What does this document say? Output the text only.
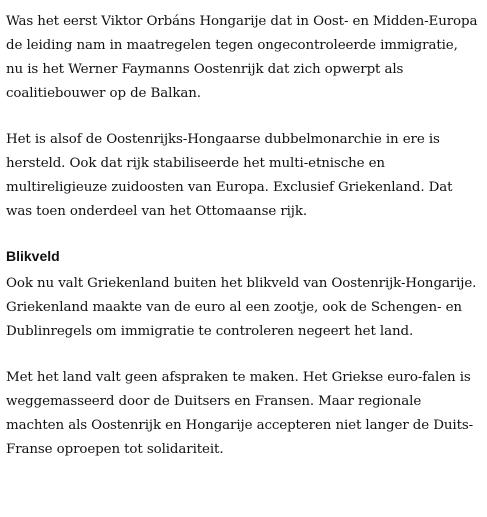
Was het eerst Viktor Orbáns Hongarije dat in Oost- en Midden-Europa de leiding nam in maatregelen tegen ongecontroleerde immigratie, nu is het Werner Faymanns Oostenrijk dat zich opwerpt als coalitiebouwer op de Balkan.

Het is alsof de Oostenrijks-Hongaarse dubbelmonarchie in ere is hersteld. Ook dat rijk stabiliseerde het multi-etnische en multireligieuze zuidoosten van Europa. Exclusief Griekenland. Dat was toen onderdeel van het Ottomaanse rijk.

Blikveld

Ook nu valt Griekenland buiten het blikveld van Oostenrijk-Hongarije. Griekenland maakte van de euro al een zootje, ook de Schengen- en Dublinregels om immigratie te controleren negeert het land.

Met het land valt geen afspraken te maken. Het Griekse euro-falen is weggemasseerd door de Duitsers en Fransen. Maar regionale machten als Oostenrijk en Hongarije accepteren niet langer de Duits-Franse oproepen tot solidariteit.
